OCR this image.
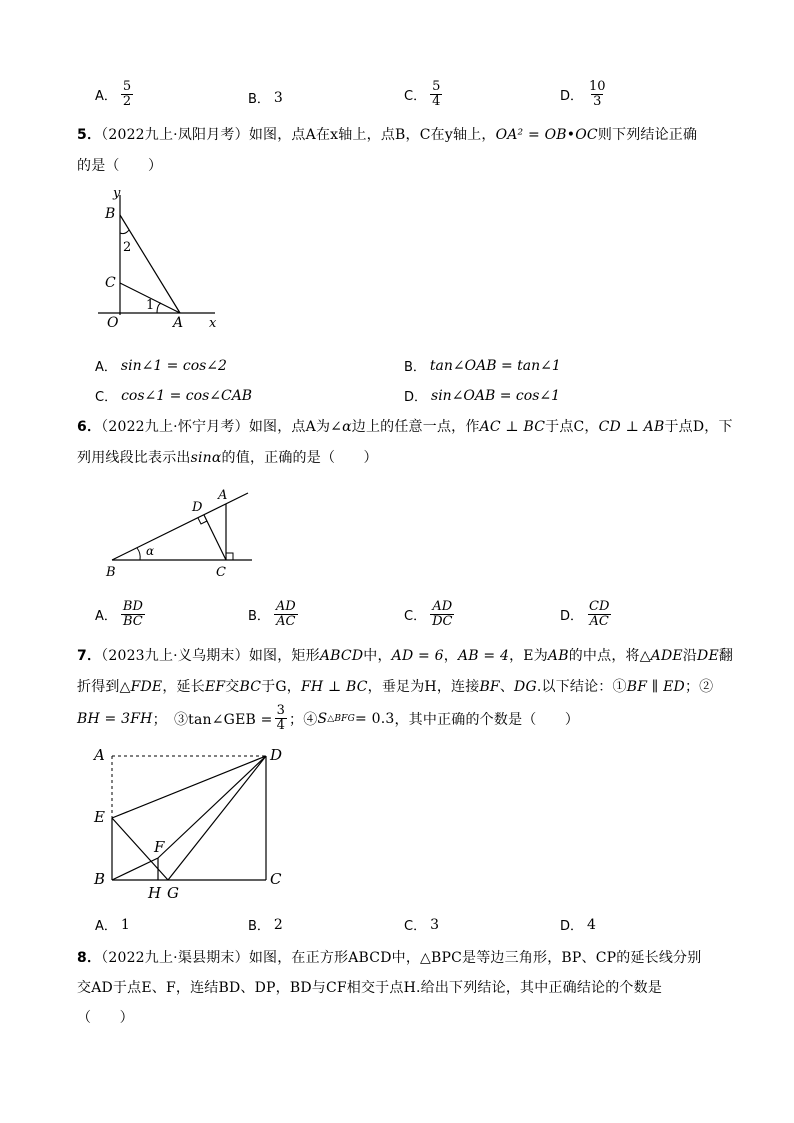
A． $\frac{5}{2}$	B． 3	C． $\frac{5}{4}$	D． $\frac{10}{3}$
5．（2022九上·凤阳月考）如图，点A在x轴上，点B，C在y轴上，OA² = OB•OC则下列结论正确
的是（　　）
y
B
2
C
1
O	A x
A． sin∠1 = cos∠2	B． tan∠OAB = tan∠1
C． cos∠1 = cos∠CAB	D． sin∠OAB = cos∠1
6．（2022九上·怀宁月考）如图，点A为∠α边上的任意一点，作AC ⊥ BC于点C，CD ⊥ AB于点D，下
列用线段比表示出sinα的值，正确的是（　　）
D
A
α
B	C
A． $\frac{BD}{BC}$	B． $\frac{AD}{AC}$	C． $\frac{AD}{DC}$	D． $\frac{CD}{AC}$
7．（2023九上·义乌期末）如图，矩形ABCD中，AD = 6，AB = 4，E为AB的中点，将△ADE沿DE翻
折得到△FDE，延长EF交BC于G，FH ⊥ BC，垂足为H，连接BF、DG.以下结论：①BF ∥ ED；②
BH = 3FH ；　③tan∠GEB = $\frac{3}{4}$ ；④ S △BFG = 0.3 ，其中正确的个数是（　　）
A	D
E
F
B
H G
C
A． 1	B． 2	C． 3	D． 4
8．（2022九上·渠县期末）如图，在正方形ABCD中，△BPC是等边三角形，BP、CP的延长线分别
交AD于点E、F，连结BD、DP，BD与CF相交于点H.给出下列结论，其中正确结论的个数是
（　　）
